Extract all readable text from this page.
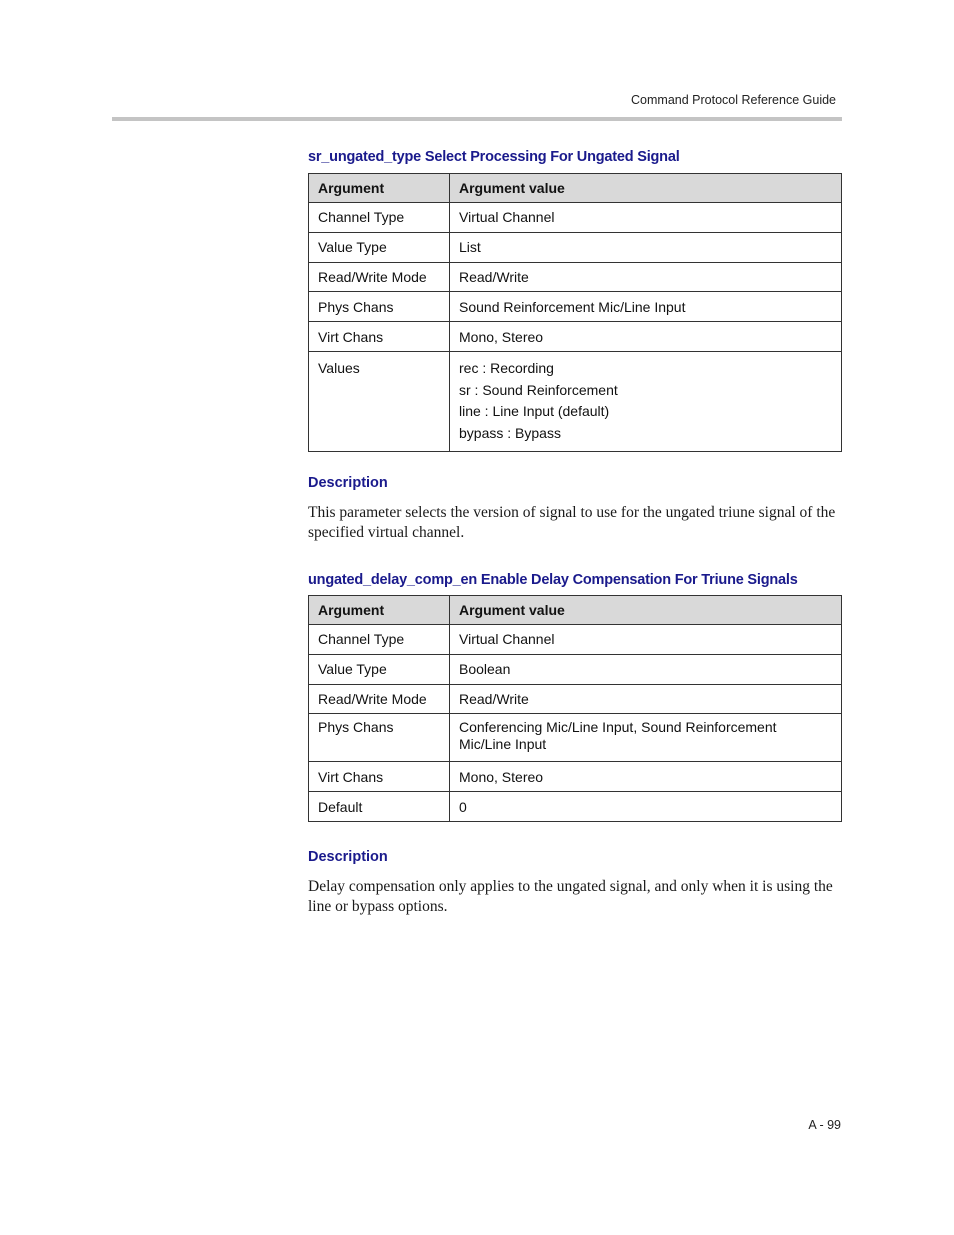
Command Protocol Reference Guide
sr_ungated_type Select Processing For Ungated Signal
Argument	Argument value
Channel Type	Virtual Channel
Value Type	List
Read/Write Mode	Read/Write
Phys Chans	Sound Reinforcement Mic/Line Input
Virt Chans	Mono, Stereo

Values	rec : Recording
sr : Sound Reinforcement
line : Line Input (default)
bypass : Bypass
Description

This parameter selects the version of signal to use for the ungated triune signal of the specified virtual channel.

ungated_delay_comp_en Enable Delay Compensation For Triune Signals
Argument	Argument value
Channel Type	Virtual Channel
Value Type	Boolean
Read/Write Mode	Read/Write
Phys Chans	Conferencing Mic/Line Input, Sound Reinforcement Mic/Line Input
Virt Chans	Mono, Stereo
Default	0
Description

Delay compensation only applies to the ungated signal, and only when it is using the line or bypass options.

A - 99
